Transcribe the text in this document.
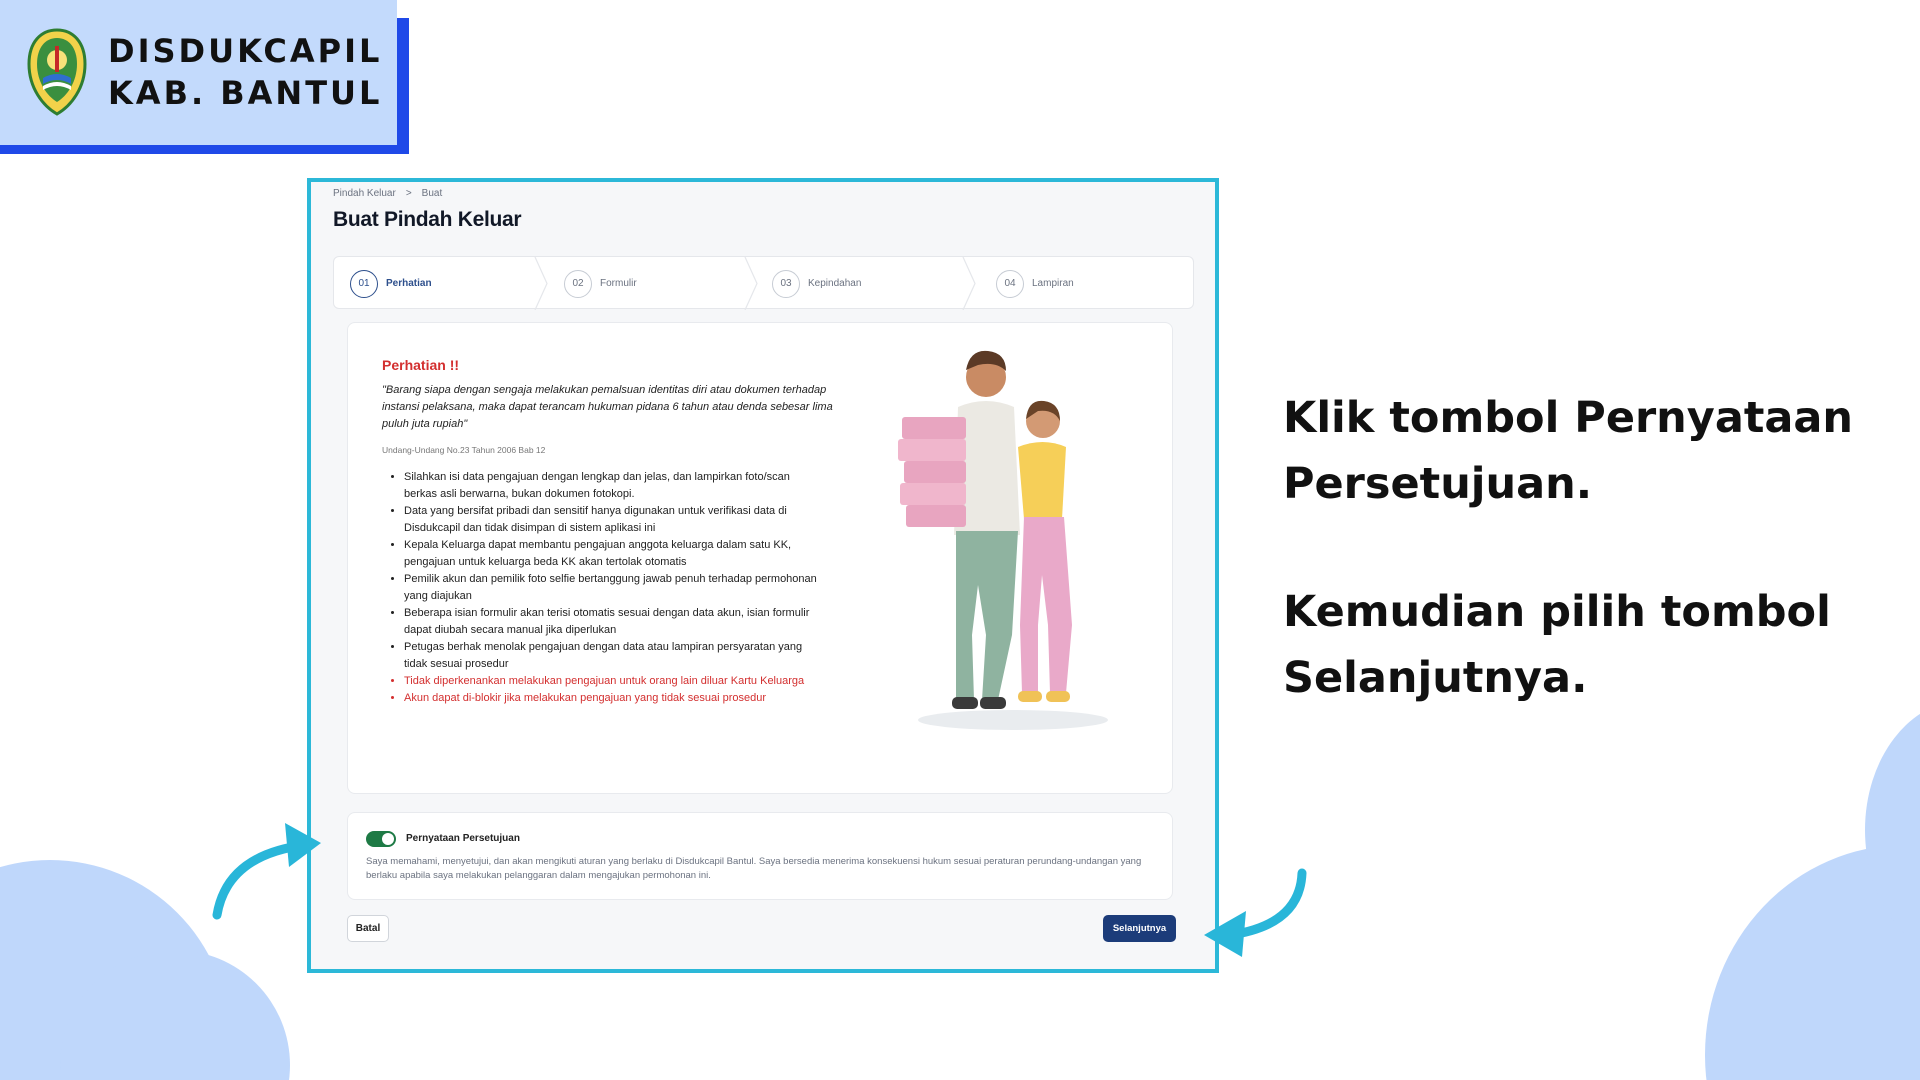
DISDUKCAPIL
KAB. BANTUL
Pindah Keluar > Buat
Buat Pindah Keluar
01	Perhatian	02	Formulir	03	Kepindahan	04	Lampiran
Perhatian !!
"Barang siapa dengan sengaja melakukan pemalsuan identitas diri atau dokumen terhadap instansi pelaksana, maka dapat terancam hukuman pidana 6 tahun atau denda sebesar lima puluh juta rupiah"
Undang-Undang No.23 Tahun 2006 Bab 12
• Silahkan isi data pengajuan dengan lengkap dan jelas, dan lampirkan foto/scan berkas asli berwarna, bukan dokumen fotokopi.
• Data yang bersifat pribadi dan sensitif hanya digunakan untuk verifikasi data di Disdukcapil dan tidak disimpan di sistem aplikasi ini
• Kepala Keluarga dapat membantu pengajuan anggota keluarga dalam satu KK, pengajuan untuk keluarga beda KK akan tertolak otomatis
• Pemilik akun dan pemilik foto selfie bertanggung jawab penuh terhadap permohonan yang diajukan
• Beberapa isian formulir akan terisi otomatis sesuai dengan data akun, isian formulir dapat diubah secara manual jika diperlukan
• Petugas berhak menolak pengajuan dengan data atau lampiran persyaratan yang tidak sesuai prosedur
• Tidak diperkenankan melakukan pengajuan untuk orang lain diluar Kartu Keluarga
• Akun dapat di-blokir jika melakukan pengajuan yang tidak sesuai prosedur
Pernyataan Persetujuan
Saya memahami, menyetujui, dan akan mengikuti aturan yang berlaku di Disdukcapil Bantul. Saya bersedia menerima konsekuensi hukum sesuai peraturan perundang-undangan yang berlaku apabila saya melakukan pelanggaran dalam mengajukan permohonan ini.
Batal	Selanjutnya

Klik tombol Pernyataan Persetujuan.

Kemudian pilih tombol Selanjutnya.
